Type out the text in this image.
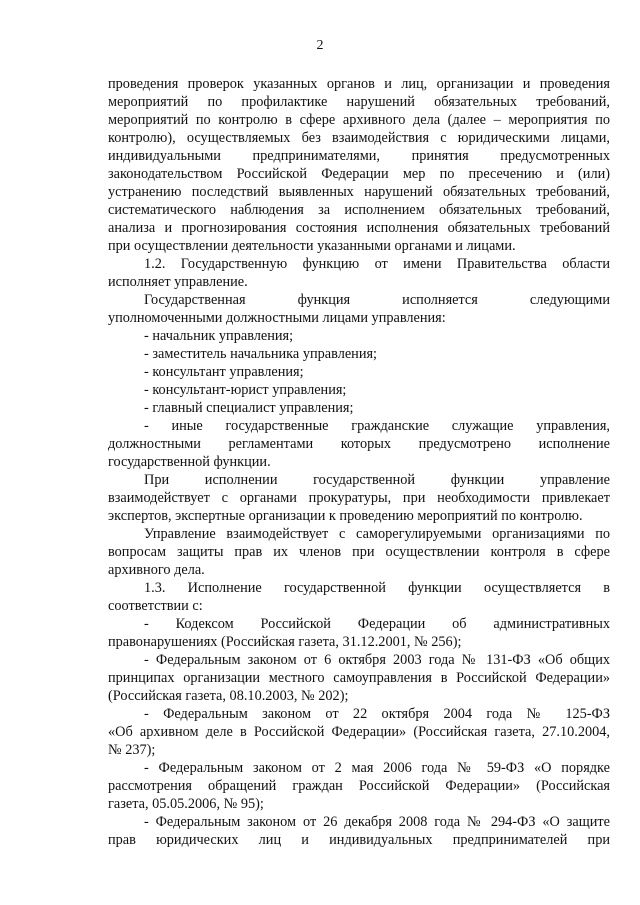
2
проведения проверок указанных органов и лиц, организации и проведения
мероприятий по профилактике нарушений обязательных требований,
мероприятий по контролю в сфере архивного дела (далее – мероприятия по
контролю), осуществляемых без взаимодействия с юридическими лицами,
индивидуальными предпринимателями, принятия предусмотренных
законодательством Российской Федерации мер по пресечению и (или)
устранению последствий выявленных нарушений обязательных требований,
систематического наблюдения за исполнением обязательных требований,
анализа и прогнозирования состояния исполнения обязательных требований
при осуществлении деятельности указанными органами и лицами.
1.2. Государственную функцию от имени Правительства области
исполняет управление.
Государственная функция исполняется следующими
уполномоченными должностными лицами управления:
- начальник управления;
- заместитель начальника управления;
- консультант управления;
- консультант-юрист управления;
- главный специалист управления;
- иные государственные гражданские служащие управления,
должностными регламентами которых предусмотрено исполнение
государственной функции.
При исполнении государственной функции управление
взаимодействует с органами прокуратуры, при необходимости привлекает
экспертов, экспертные организации к проведению мероприятий по контролю.
Управление взаимодействует с саморегулируемыми организациями по
вопросам защиты прав их членов при осуществлении контроля в сфере
архивного дела.
1.3. Исполнение государственной функции осуществляется в
соответствии с:
- Кодексом Российской Федерации об административных
правонарушениях (Российская газета, 31.12.2001, № 256);
- Федеральным законом от 6 октября 2003 года № 131-ФЗ «Об общих
принципах организации местного самоуправления в Российской Федерации»
(Российская газета, 08.10.2003, № 202);
- Федеральным законом от 22 октября 2004 года № 125-ФЗ
«Об архивном деле в Российской Федерации» (Российская газета, 27.10.2004,
№ 237);
- Федеральным законом от 2 мая 2006 года № 59-ФЗ «О порядке
рассмотрения обращений граждан Российской Федерации» (Российская
газета, 05.05.2006, № 95);
- Федеральным законом от 26 декабря 2008 года № 294-ФЗ «О защите
прав юридических лиц и индивидуальных предпринимателей при
